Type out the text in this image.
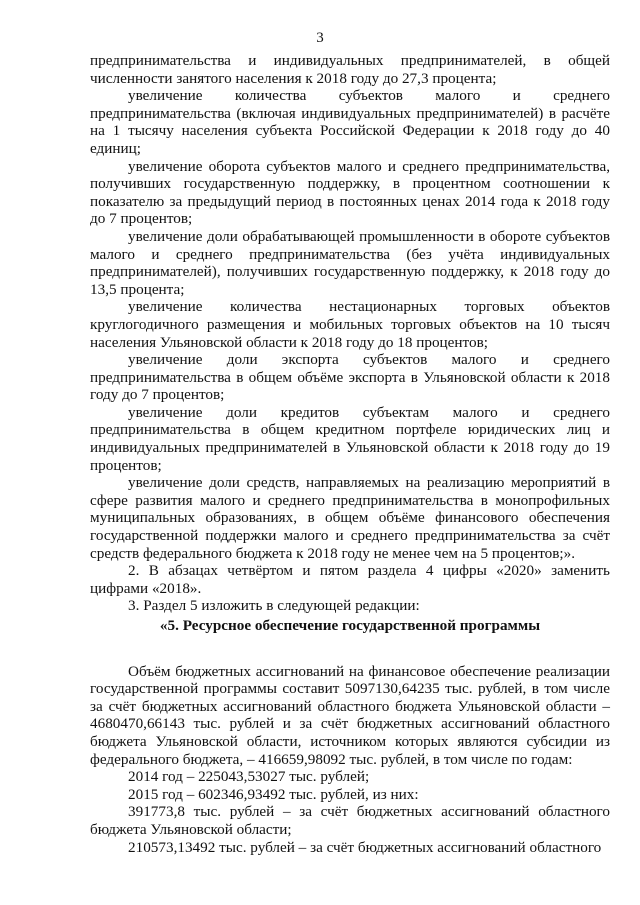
3

предпринимательства и индивидуальных предпринимателей, в общей численности занятого населения к 2018 году до 27,3 процента;

увеличение количества субъектов малого и среднего предпринимательства (включая индивидуальных предпринимателей) в расчёте на 1 тысячу населения субъекта Российской Федерации к 2018 году до 40 единиц;

увеличение оборота субъектов малого и среднего предпринимательства, получивших государственную поддержку, в процентном соотношении к показателю за предыдущий период в постоянных ценах 2014 года к 2018 году до 7 процентов;

увеличение доли обрабатывающей промышленности в обороте субъектов малого и среднего предпринимательства (без учёта индивидуальных предпринимателей), получивших государственную поддержку, к 2018 году до 13,5 процента;

увеличение количества нестационарных торговых объектов круглогодичного размещения и мобильных торговых объектов на 10 тысяч населения Ульяновской области к 2018 году до 18 процентов;

увеличение доли экспорта субъектов малого и среднего предпринимательства в общем объёме экспорта в Ульяновской области к 2018 году до 7 процентов;

увеличение доли кредитов субъектам малого и среднего предпринимательства в общем кредитном портфеле юридических лиц и индивидуальных предпринимателей в Ульяновской области к 2018 году до 19 процентов;

увеличение доли средств, направляемых на реализацию мероприятий в сфере развития малого и среднего предпринимательства в монопрофильных муниципальных образованиях, в общем объёме финансового обеспечения государственной поддержки малого и среднего предпринимательства за счёт средств федерального бюджета к 2018 году не менее чем на 5 процентов;».

2. В абзацах четвёртом и пятом раздела 4 цифры «2020» заменить цифрами «2018».

3. Раздел 5 изложить в следующей редакции:

«5. Ресурсное обеспечение государственной программы

Объём бюджетных ассигнований на финансовое обеспечение реализации государственной программы составит 5097130,64235 тыс. рублей, в том числе за счёт бюджетных ассигнований областного бюджета Ульяновской области – 4680470,66143 тыс. рублей и за счёт бюджетных ассигнований областного бюджета Ульяновской области, источником которых являются субсидии из федерального бюджета, – 416659,98092 тыс. рублей, в том числе по годам:

2014 год – 225043,53027 тыс. рублей;

2015 год – 602346,93492 тыс. рублей, из них:

391773,8 тыс. рублей – за счёт бюджетных ассигнований областного бюджета Ульяновской области;

210573,13492 тыс. рублей – за счёт бюджетных ассигнований областного
